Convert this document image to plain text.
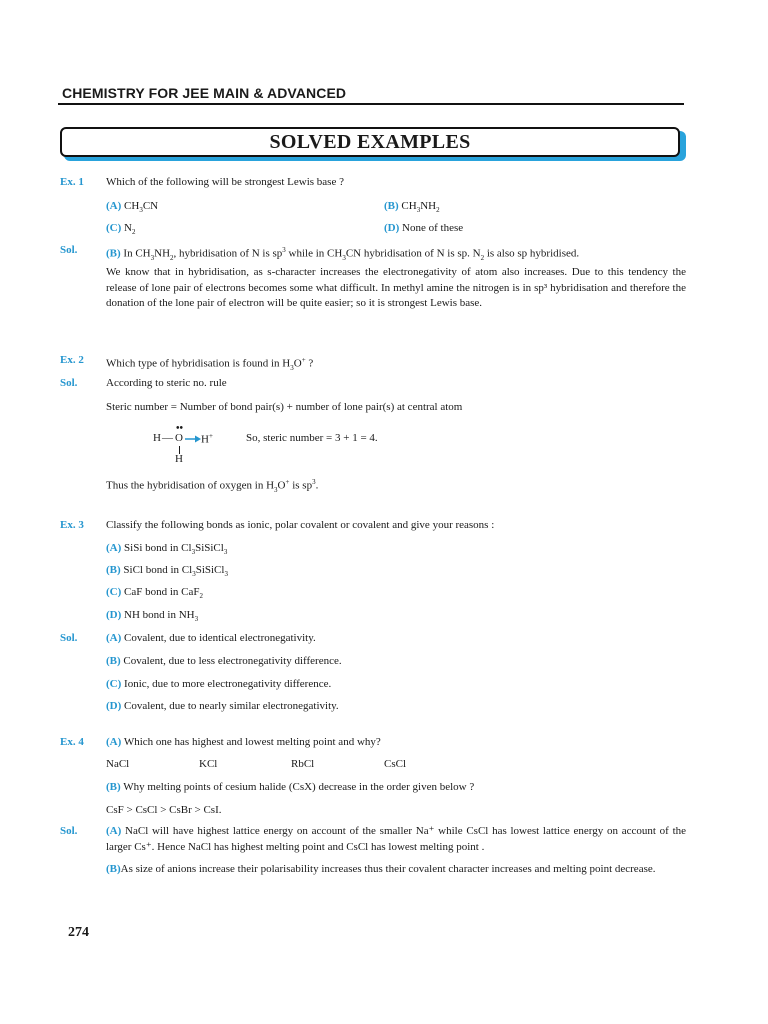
CHEMISTRY FOR JEE MAIN & ADVANCED
SOLVED EXAMPLES
Ex. 1 Which of the following will be strongest Lewis base ?
(A) $CH_3CN$	(B) $CH_3NH_2$
(C) $N_2$	(D) None of these
Sol.	(B) In $CH_3NH_2$, hybridisation of N is $sp^3$ while in $CH_3CN$ hybridisation of N is sp. $N_2$ is also sp hybridised.
We know that in hybridisation, as s-character increases the electronegativity of atom also increases. Due to this tendency the release of lone pair of electrons becomes some what difficult. In methyl amine the nitrogen is in sp³ hybridisation and therefore the donation of the lone pair of electron will be quite easier; so it is strongest Lewis base.
Ex. 2 Which type of hybridisation is found in $H_3O^+$ ?
Sol.	According to steric no. rule
Steric number = Number of bond pair(s) + number of lone pair(s) at central atom
H — O
••
H+
H
So, steric number = 3 + 1 = 4.
Thus the hybridisation of oxygen in $H_3O^+$ is $sp^3$.
Ex. 3 Classify the following bonds as ionic, polar covalent or covalent and give your reasons :
(A) SiSi bond in $Cl_3SiSiCl_3$
(B) SiCl bond in $Cl_3SiSiCl_3$
(C) CaF bond in CaF$_2$
(D) NH bond in $NH_3$
Sol.	(A) Covalent, due to identical electronegativity.
(B) Covalent, due to less electronegativity difference.
(C) Ionic, due to more electronegativity difference.
(D) Covalent, due to nearly similar electronegativity.
Ex. 4 (A) Which one has highest and lowest melting point and why?
NaCl	KCl	RbCl	CsCl
(B) Why melting points of cesium halide (CsX) decrease in the order given below ?
CsF > CsCl > CsBr > CsI.
Sol.	(A) NaCl will have highest lattice energy on account of the smaller Na⁺ while CsCl has lowest lattice energy on account of the larger Cs⁺. Hence NaCl has highest melting point and CsCl has lowest melting point .
(B)As size of anions increase their polarisability increases thus their covalent character increases and melting point decrease.
274
